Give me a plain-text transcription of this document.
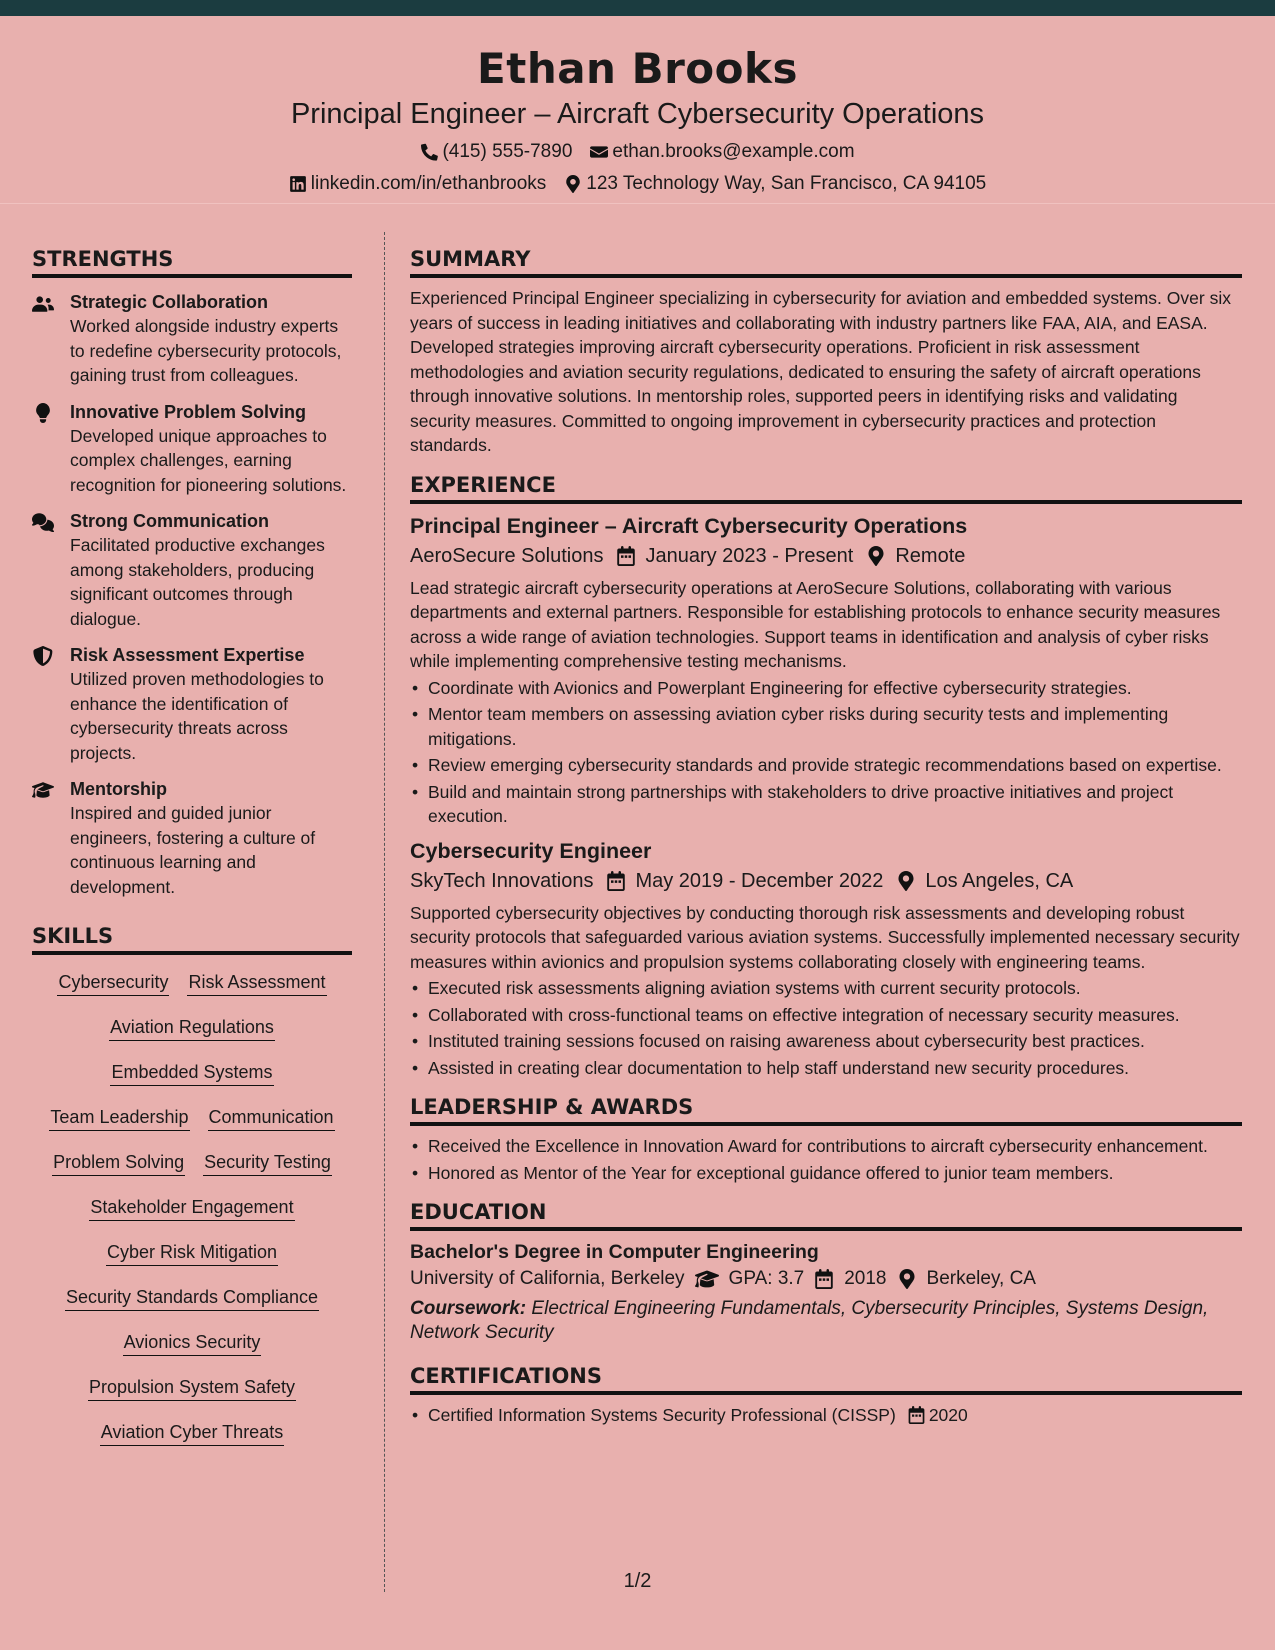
Ethan Brooks
Principal Engineer – Aircraft Cybersecurity Operations
(415) 555-7890 ethan.brooks@example.com
linkedin.com/in/ethanbrooks 123 Technology Way, San Francisco, CA 94105
STRENGTHS
Strategic Collaboration
Worked alongside industry experts to redefine cybersecurity protocols, gaining trust from colleagues.
Innovative Problem Solving
Developed unique approaches to complex challenges, earning recognition for pioneering solutions.
Strong Communication
Facilitated productive exchanges among stakeholders, producing significant outcomes through dialogue.
Risk Assessment Expertise
Utilized proven methodologies to enhance the identification of cybersecurity threats across projects.
Mentorship
Inspired and guided junior engineers, fostering a culture of continuous learning and development.
SKILLS
Cybersecurity Risk Assessment
Aviation Regulations
Embedded Systems
Team Leadership Communication
Problem Solving Security Testing
Stakeholder Engagement
Cyber Risk Mitigation
Security Standards Compliance
Avionics Security
Propulsion System Safety
Aviation Cyber Threats
SUMMARY
Experienced Principal Engineer specializing in cybersecurity for aviation and embedded systems. Over six years of success in leading initiatives and collaborating with industry partners like FAA, AIA, and EASA. Developed strategies improving aircraft cybersecurity operations. Proficient in risk assessment methodologies and aviation security regulations, dedicated to ensuring the safety of aircraft operations through innovative solutions. In mentorship roles, supported peers in identifying risks and validating security measures. Committed to ongoing improvement in cybersecurity practices and protection standards.
EXPERIENCE
Principal Engineer – Aircraft Cybersecurity Operations
AeroSecure Solutions January 2023 - Present Remote
Lead strategic aircraft cybersecurity operations at AeroSecure Solutions, collaborating with various departments and external partners. Responsible for establishing protocols to enhance security measures across a wide range of aviation technologies. Support teams in identification and analysis of cyber risks while implementing comprehensive testing mechanisms.
• Coordinate with Avionics and Powerplant Engineering for effective cybersecurity strategies.
• Mentor team members on assessing aviation cyber risks during security tests and implementing mitigations.
• Review emerging cybersecurity standards and provide strategic recommendations based on expertise.
• Build and maintain strong partnerships with stakeholders to drive proactive initiatives and project execution.
Cybersecurity Engineer
SkyTech Innovations May 2019 - December 2022 Los Angeles, CA
Supported cybersecurity objectives by conducting thorough risk assessments and developing robust security protocols that safeguarded various aviation systems. Successfully implemented necessary security measures within avionics and propulsion systems collaborating closely with engineering teams.
• Executed risk assessments aligning aviation systems with current security protocols.
• Collaborated with cross-functional teams on effective integration of necessary security measures.
• Instituted training sessions focused on raising awareness about cybersecurity best practices.
• Assisted in creating clear documentation to help staff understand new security procedures.
LEADERSHIP & AWARDS
• Received the Excellence in Innovation Award for contributions to aircraft cybersecurity enhancement.
• Honored as Mentor of the Year for exceptional guidance offered to junior team members.
EDUCATION
Bachelor's Degree in Computer Engineering
University of California, Berkeley GPA: 3.7 2018 Berkeley, CA
Coursework: Electrical Engineering Fundamentals, Cybersecurity Principles, Systems Design, Network Security
CERTIFICATIONS
• Certified Information Systems Security Professional (CISSP) 2020
1/2
